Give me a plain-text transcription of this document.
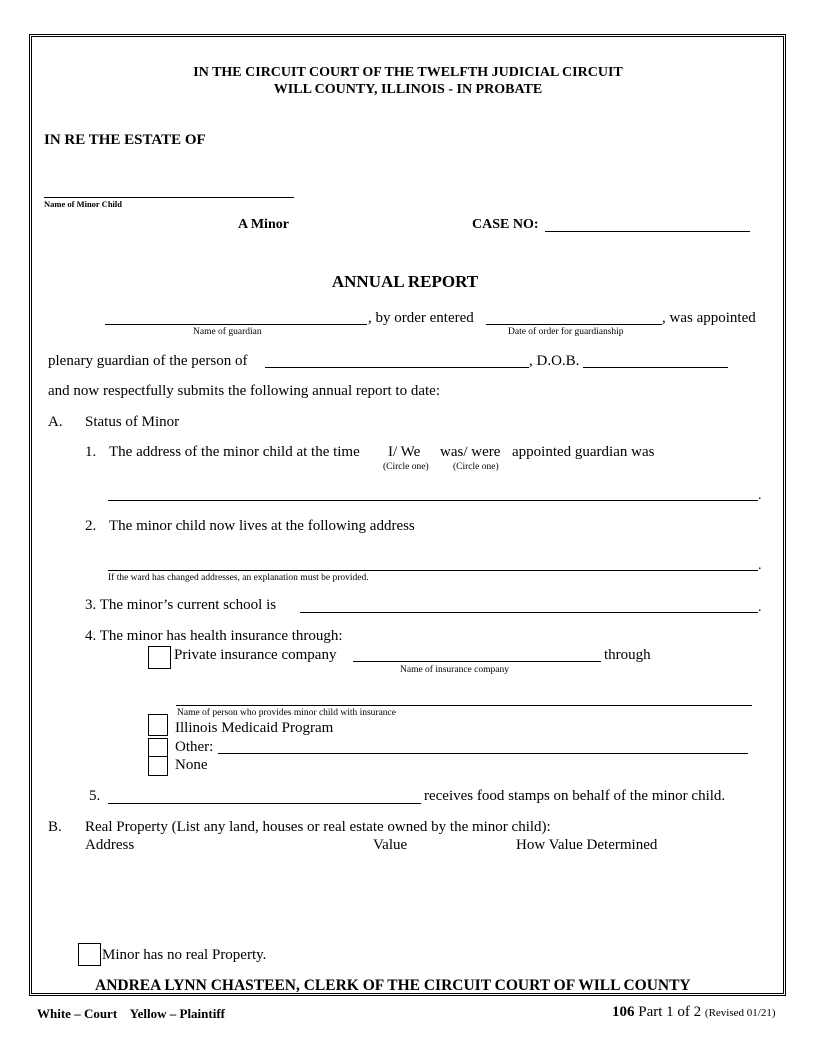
IN THE CIRCUIT COURT OF THE TWELFTH JUDICIAL CIRCUIT
WILL COUNTY, ILLINOIS - IN PROBATE
IN RE THE ESTATE OF
Name of Minor Child
A Minor	CASE NO:
ANNUAL REPORT
, by order entered	, was appointed
Name of guardian	Date of order for guardianship
plenary guardian of the person of	, D.O.B.
and now respectfully submits the following annual report to date:
A. Status of Minor
1. The address of the minor child at the time I/ We was/ were appointed guardian was
(Circle one)	(Circle one)
.
2. The minor child now lives at the following address
.
If the ward has changed addresses, an explanation must be provided.
3. The minor’s current school is	.
4. The minor has health insurance through:
Private insurance company	through
Name of insurance company
Name of person who provides minor child with insurance
Illinois Medicaid Program
Other:
None
5.	receives food stamps on behalf of the minor child.
B. Real Property (List any land, houses or real estate owned by the minor child):
Address	Value	How Value Determined
Minor has no real Property.
ANDREA LYNN CHASTEEN, CLERK OF THE CIRCUIT COURT OF WILL COUNTY
White – Court    Yellow – Plaintiff	106 Part 1 of 2 (Revised 01/21)
